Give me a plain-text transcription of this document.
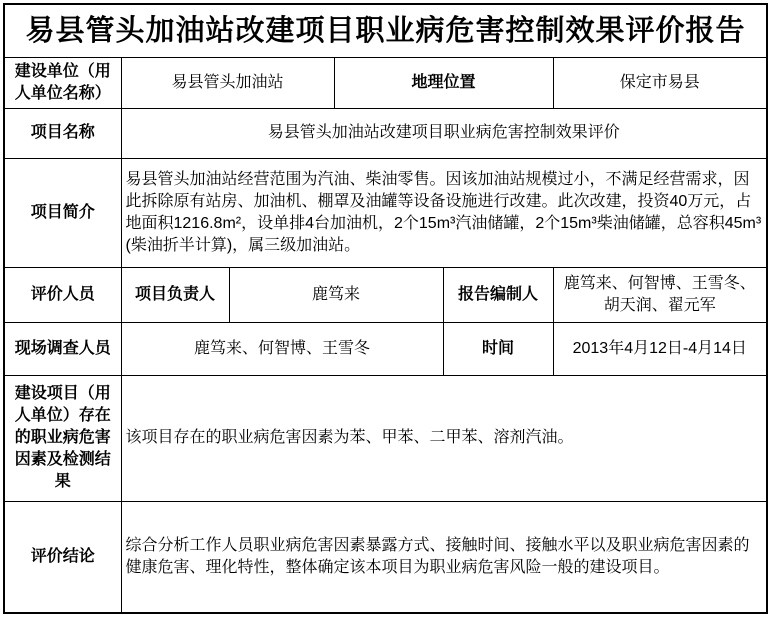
易县管头加油站改建项目职业病危害控制效果评价报告					
建设单位（用人单位名称）	易县管头加油站		地理位置		保定市易县
项目名称	易县管头加油站改建项目职业病危害控制效果评价				
项目简介	易县管头加油站经营范围为汽油、柴油零售。因该加油站规模过小，不满足经营需求，因此拆除原有站房、加油机、棚罩及油罐等设备设施进行改建。此次改建，投资40万元，占地面积1216.8m²，设单排4台加油机，2个15m³汽油储罐，2个15m³柴油储罐，总容积45m³(柴油折半计算)，属三级加油站。				
评价人员	项目负责人	鹿笃来		报告编制人	鹿笃来、何智博、王雪冬、胡天润、翟元军
现场调查人员	鹿笃来、何智博、王雪冬			时间	2013年4月12日-4月14日
建设项目（用人单位）存在的职业病危害因素及检测结果	该项目存在的职业病危害因素为苯、甲苯、二甲苯、溶剂汽油。				
评价结论	综合分析工作人员职业病危害因素暴露方式、接触时间、接触水平以及职业病危害因素的健康危害、理化特性，整体确定该本项目为职业病危害风险一般的建设项目。				
